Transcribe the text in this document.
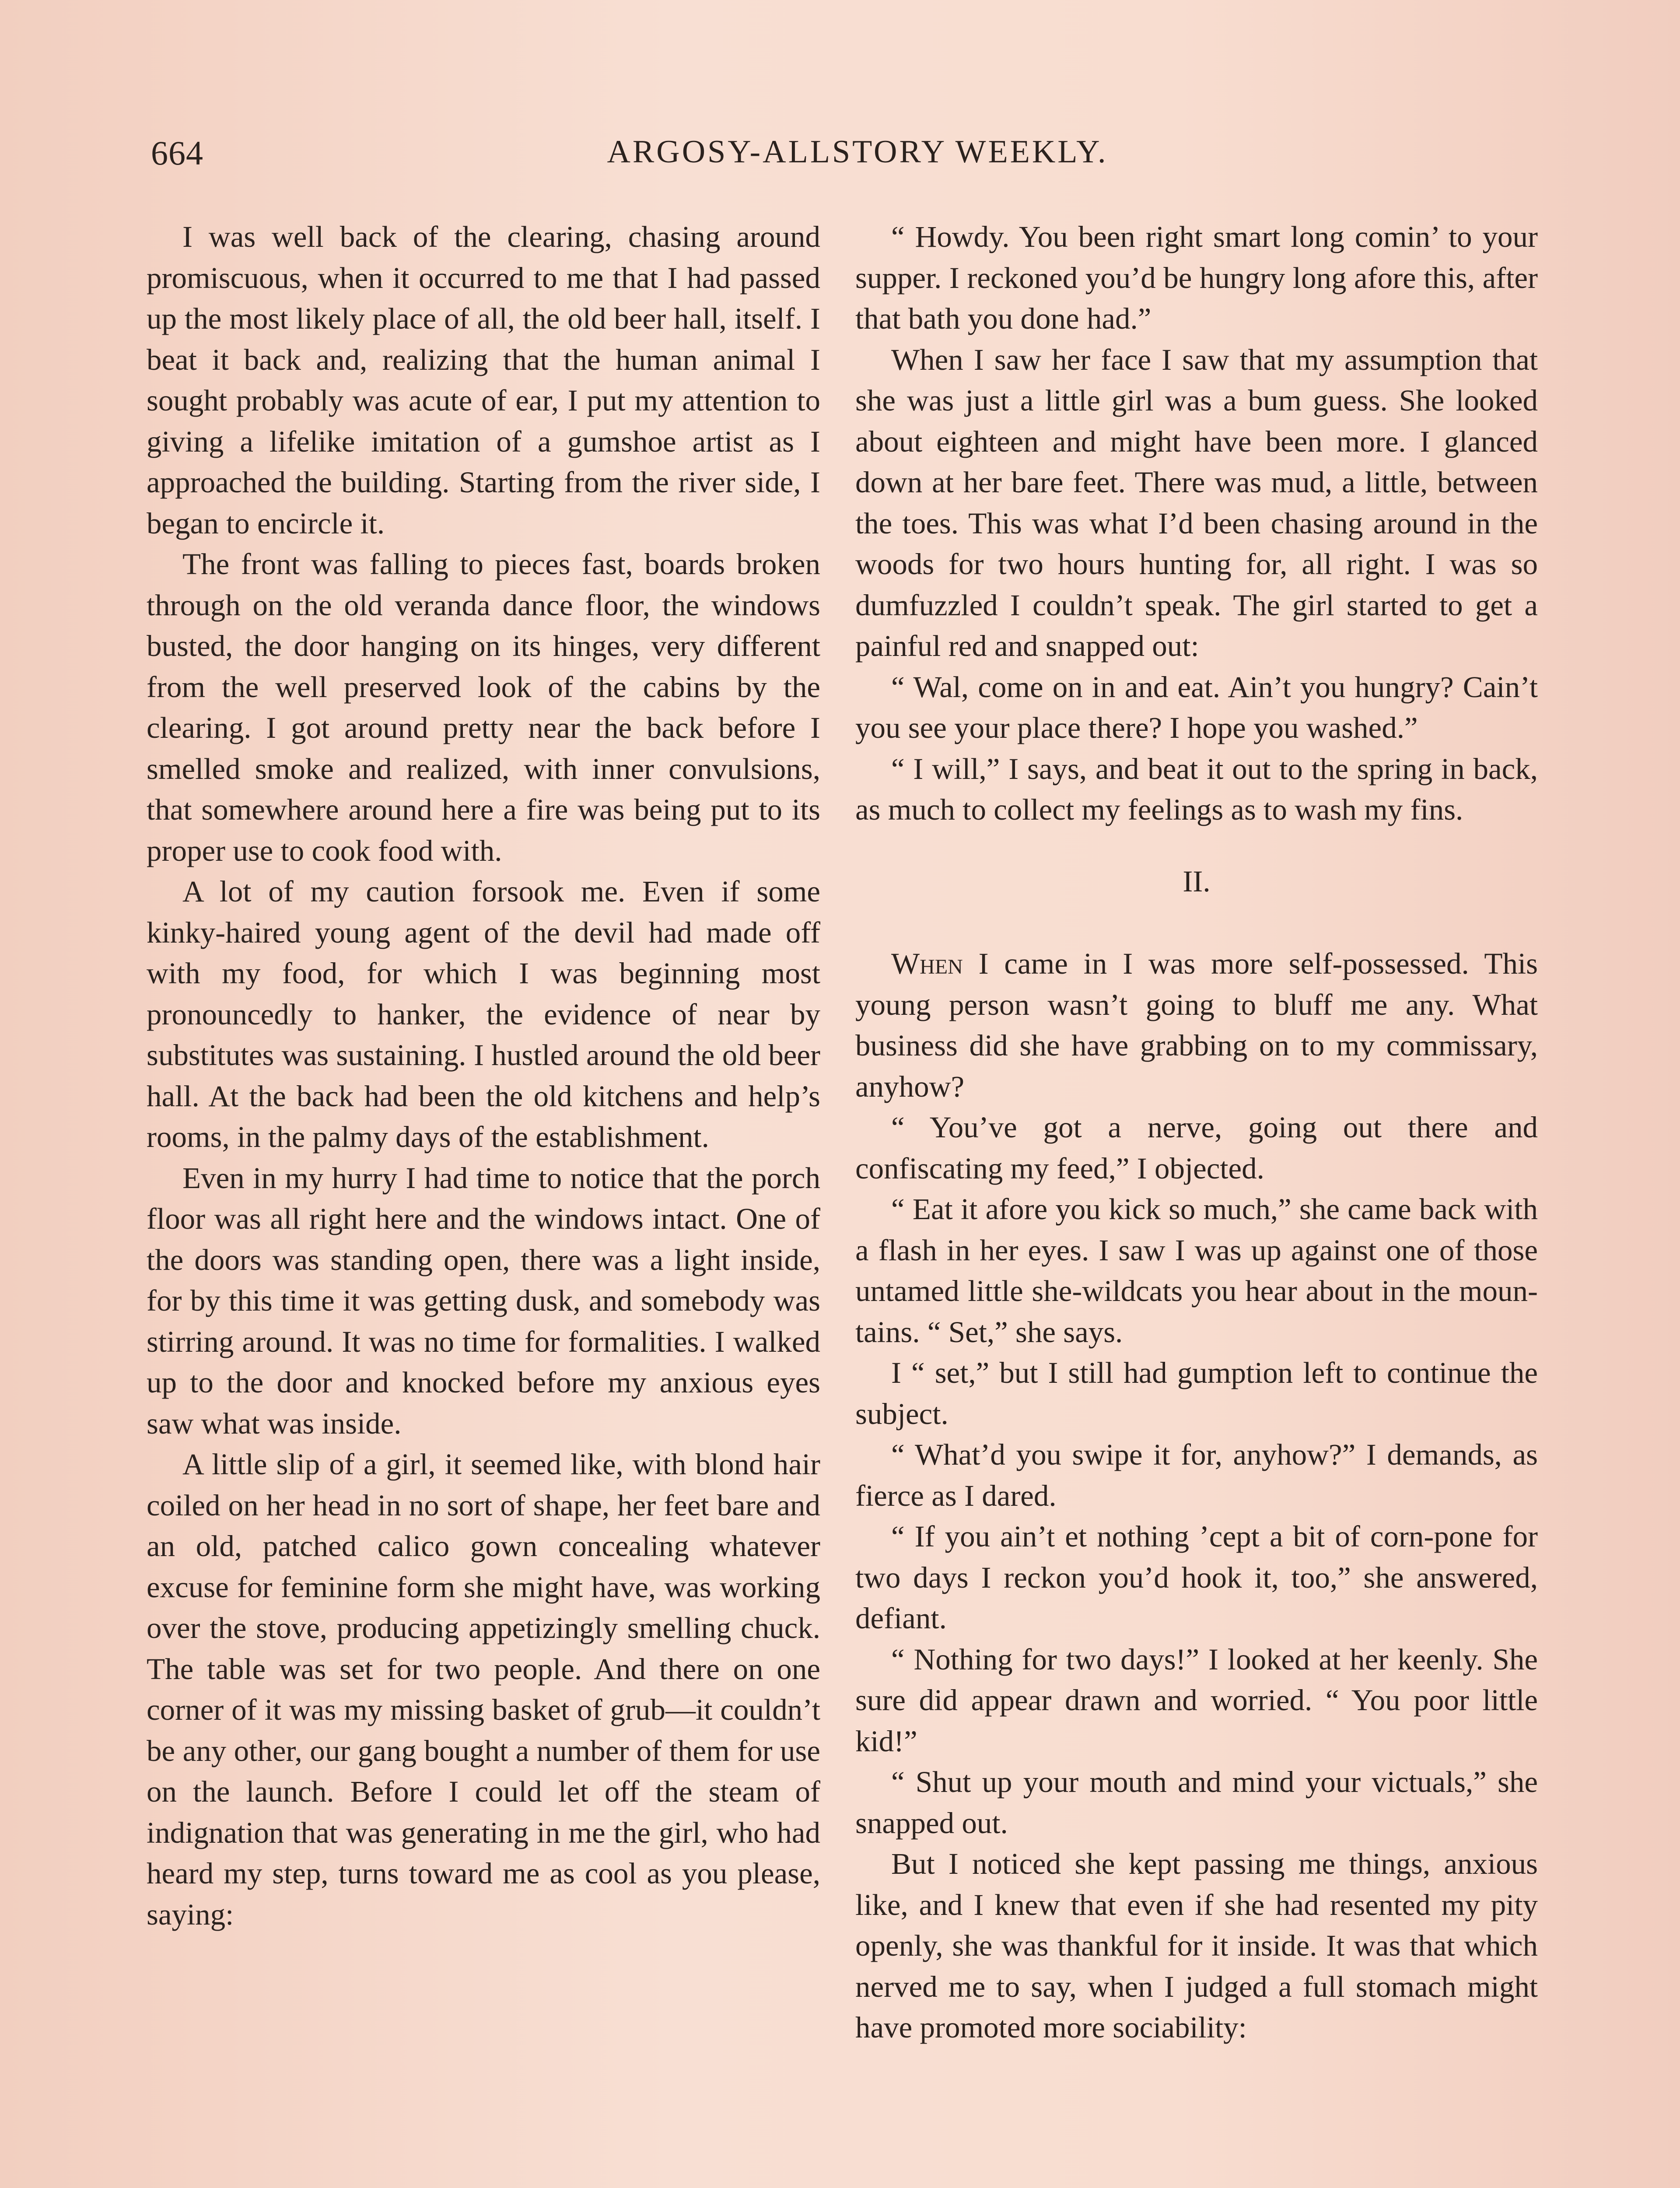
664	ARGOSY-ALLSTORY WEEKLY.

I was well back of the clearing, chasing around promiscuous, when it occurred to me that I had passed up the most likely place of all, the old beer hall, itself. I beat it back and, realizing that the human animal I sought probably was acute of ear, I put my attention to giving a lifelike imitation of a gumshoe artist as I approached the building. Starting from the river side, I began to encircle it.

The front was falling to pieces fast, boards broken through on the old veranda dance floor, the windows busted, the door hanging on its hinges, very different from the well preserved look of the cabins by the clearing. I got around pretty near the back before I smelled smoke and realized, with inner convulsions, that somewhere around here a fire was being put to its proper use to cook food with.

A lot of my caution forsook me. Even if some kinky-haired young agent of the devil had made off with my food, for which I was beginning most pronouncedly to hanker, the evidence of near by substitutes was sustaining. I hustled around the old beer hall. At the back had been the old kitchens and help’s rooms, in the palmy days of the establishment.

Even in my hurry I had time to notice that the porch floor was all right here and the windows intact. One of the doors was standing open, there was a light inside, for by this time it was getting dusk, and somebody was stirring around. It was no time for formalities. I walked up to the door and knocked before my anxious eyes saw what was inside.

A little slip of a girl, it seemed like, with blond hair coiled on her head in no sort of shape, her feet bare and an old, patched calico gown concealing whatever excuse for feminine form she might have, was working over the stove, producing appetizingly smelling chuck. The table was set for two people. And there on one corner of it was my missing basket of grub—it couldn’t be any other, our gang bought a number of them for use on the launch. Before I could let off the steam of indignation that was generating in me the girl, who had heard my step, turns toward me as cool as you please, saying:

“ Howdy. You been right smart long comin’ to your supper. I reckoned you’d be hungry long afore this, after that bath you done had.”

When I saw her face I saw that my assumption that she was just a little girl was a bum guess. She looked about eighteen and might have been more. I glanced down at her bare feet. There was mud, a little, between the toes. This was what I’d been chasing around in the woods for two hours hunting for, all right. I was so dumfuzzled I couldn’t speak. The girl started to get a painful red and snapped out:

“ Wal, come on in and eat. Ain’t you hungry? Cain’t you see your place there? I hope you washed.”

“ I will,” I says, and beat it out to the spring in back, as much to collect my feelings as to wash my fins.

II.

When I came in I was more self-possessed. This young person wasn’t going to bluff me any. What business did she have grabbing on to my commissary, anyhow?

“ You’ve got a nerve, going out there and confiscating my feed,” I objected.

“ Eat it afore you kick so much,” she came back with a flash in her eyes. I saw I was up against one of those untamed little she-wildcats you hear about in the mountains. “ Set,” she says.

I “ set,” but I still had gumption left to continue the subject.

“ What’d you swipe it for, anyhow?” I demands, as fierce as I dared.

“ If you ain’t et nothing ’cept a bit of corn-pone for two days I reckon you’d hook it, too,” she answered, defiant.

“ Nothing for two days!” I looked at her keenly. She sure did appear drawn and worried. “ You poor little kid!”

“ Shut up your mouth and mind your victuals,” she snapped out.

But I noticed she kept passing me things, anxious like, and I knew that even if she had resented my pity openly, she was thankful for it inside. It was that which nerved me to say, when I judged a full stomach might have promoted more sociability:
